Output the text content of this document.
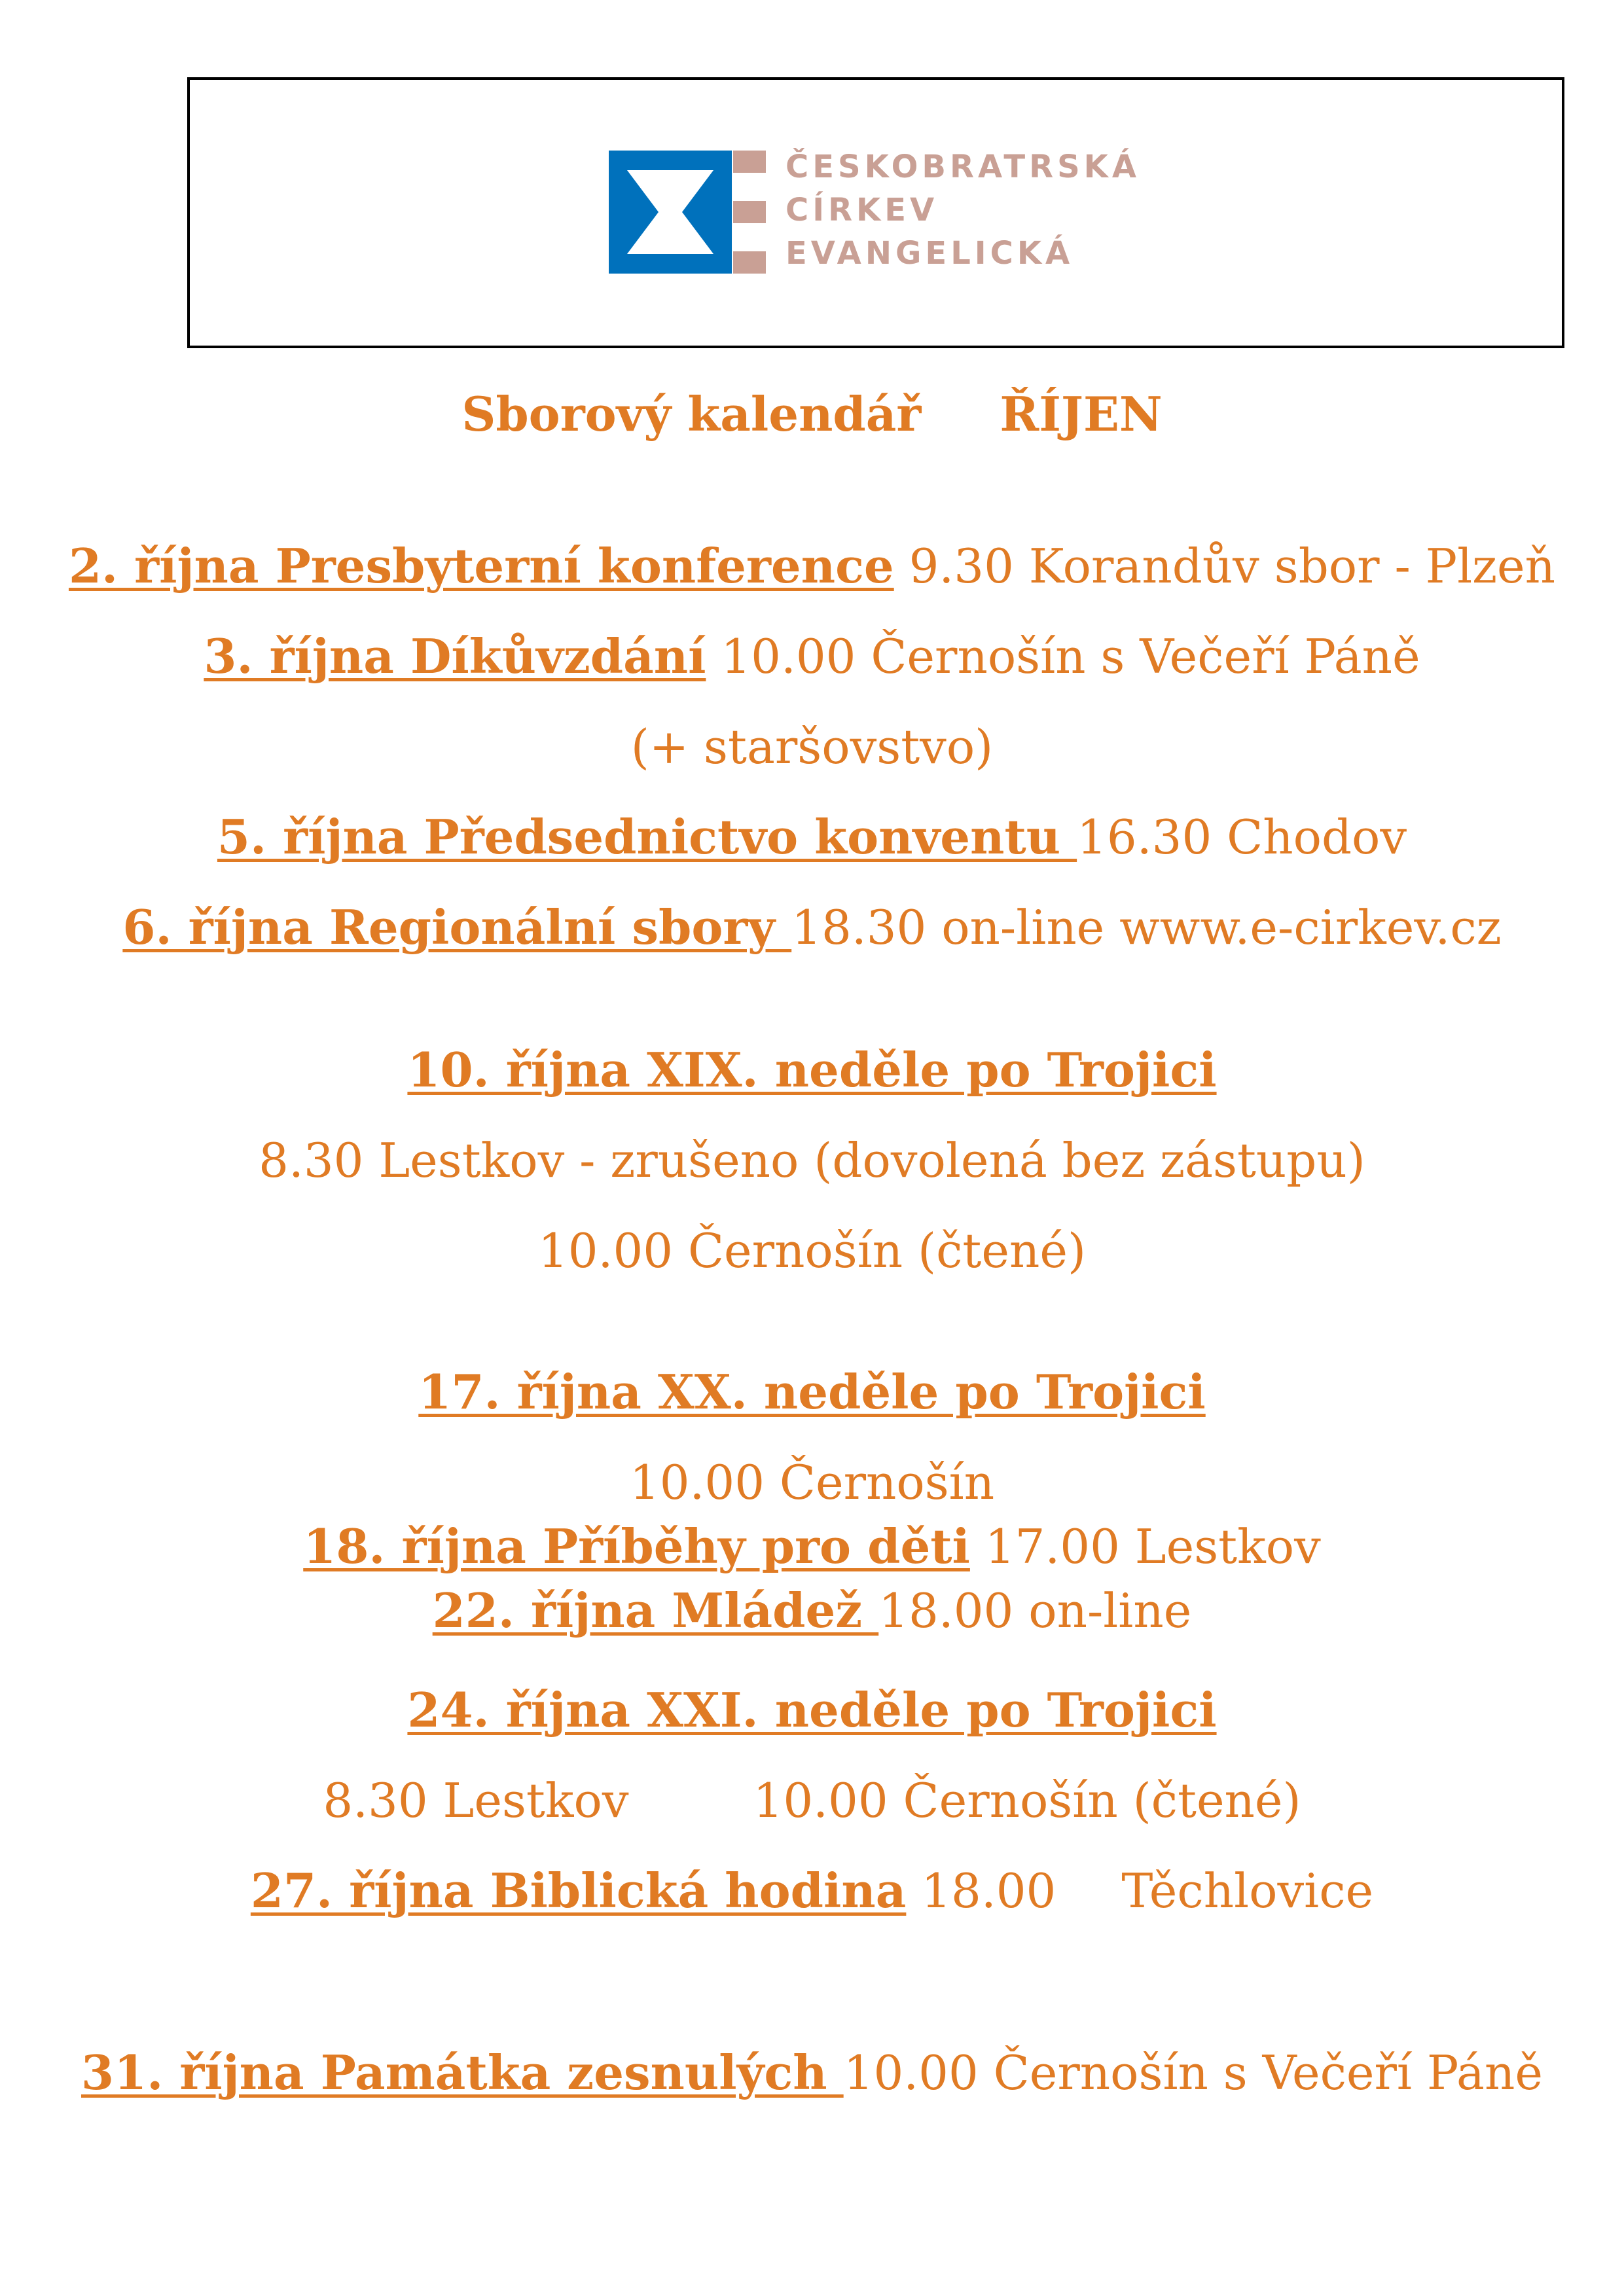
ČESKOBRATRSKÁ
CÍRKEV
EVANGELICKÁ
Sborový kalendář ŘÍJEN
2. října Presbyterní konference 9.30 Korandův sbor - Plzeň
3. října Díkůvzdání 10.00 Černošín s Večeří Páně
(+ staršovstvo)
5. října Předsednictvo konventu 16.30 Chodov
6. října Regionální sbory 18.30 on-line www.e-cirkev.cz
10. října XIX. neděle po Trojici
8.30 Lestkov - zrušeno (dovolená bez zástupu)
10.00 Černošín (čtené)
17. října XX. neděle po Trojici
10.00 Černošín
18. října Příběhy pro děti 17.00 Lestkov
22. října Mládež 18.00 on-line
24. října XXI. neděle po Trojici
8.30 Lestkov	10.00 Černošín (čtené)
27. října Biblická hodina 18.00 Těchlovice
31. října Památka zesnulých 10.00 Černošín s Večeří Páně
